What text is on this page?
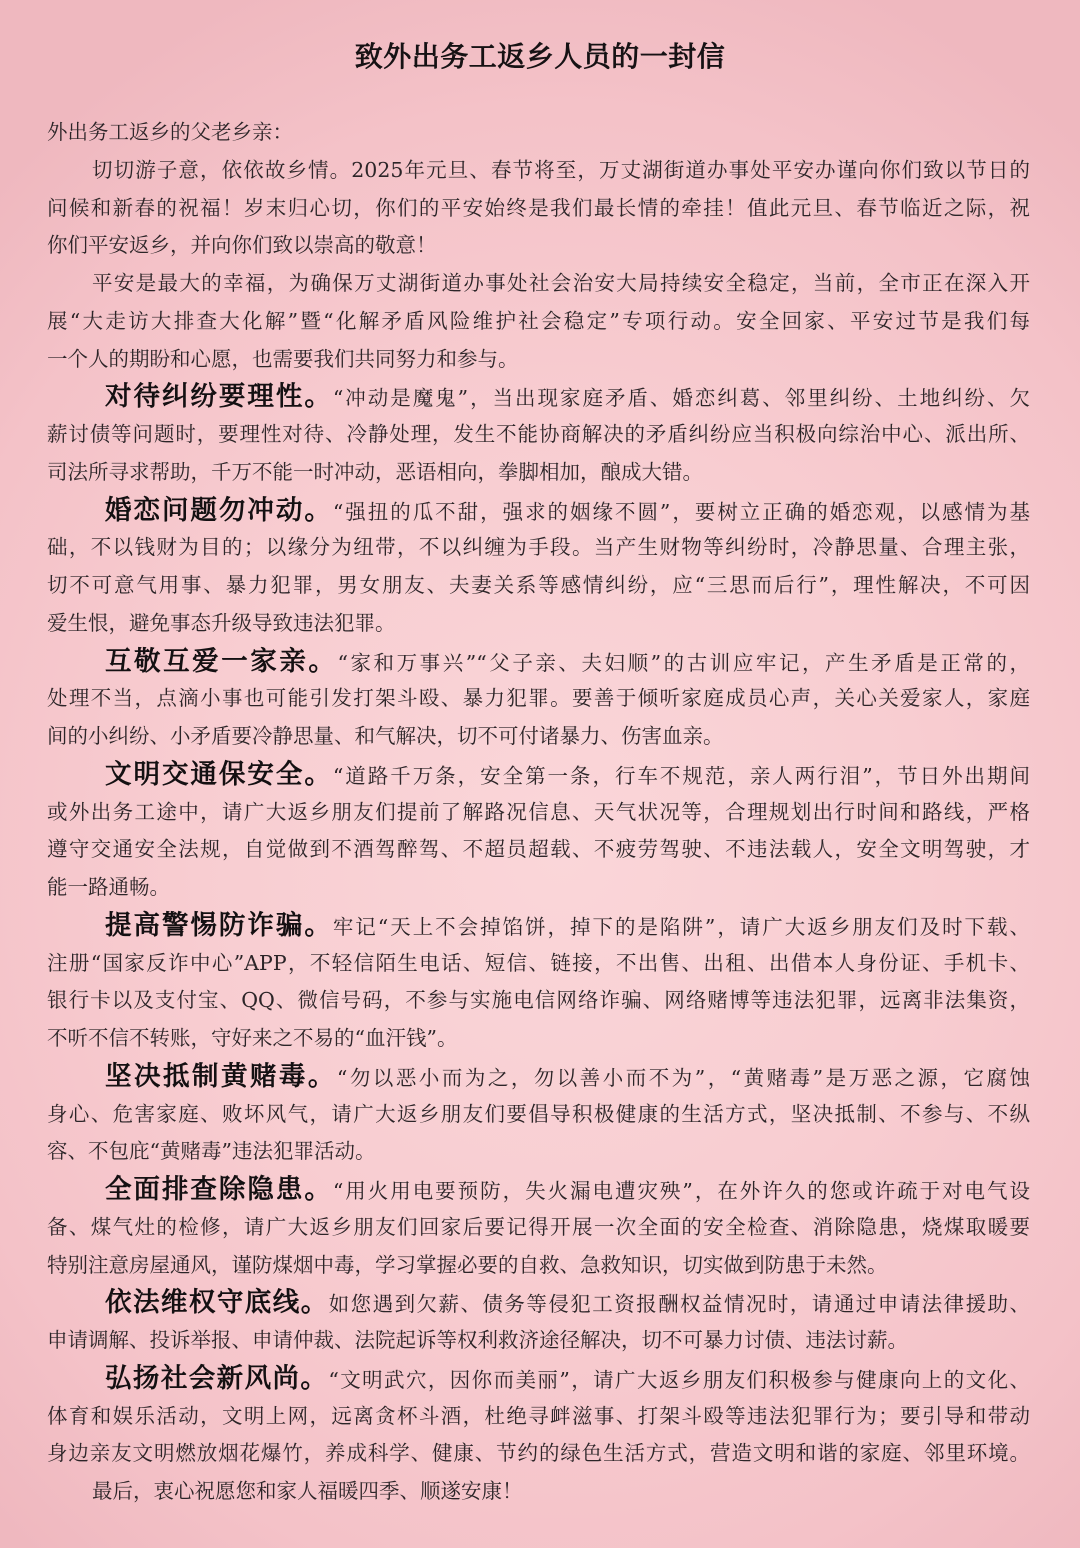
致外出务工返乡人员的一封信
外出务工返乡的父老乡亲：
切切游子意，依依故乡情。2025年元旦、春节将至，万丈湖街道办事处平安办谨向你们致以节日的
问候和新春的祝福！岁末归心切，你们的平安始终是我们最长情的牵挂！值此元旦、春节临近之际，祝
你们平安返乡，并向你们致以崇高的敬意！
平安是最大的幸福，为确保万丈湖街道办事处社会治安大局持续安全稳定，当前，全市正在深入开
展“大走访大排查大化解”暨“化解矛盾风险维护社会稳定”专项行动。安全回家、平安过节是我们每
一个人的期盼和心愿，也需要我们共同努力和参与。
对待纠纷要理性。“冲动是魔鬼”，当出现家庭矛盾、婚恋纠葛、邻里纠纷、土地纠纷、欠
薪讨债等问题时，要理性对待、冷静处理，发生不能协商解决的矛盾纠纷应当积极向综治中心、派出所、
司法所寻求帮助，千万不能一时冲动，恶语相向，拳脚相加，酿成大错。
婚恋问题勿冲动。“强扭的瓜不甜，强求的姻缘不圆”，要树立正确的婚恋观，以感情为基
础，不以钱财为目的；以缘分为纽带，不以纠缠为手段。当产生财物等纠纷时，冷静思量、合理主张，
切不可意气用事、暴力犯罪，男女朋友、夫妻关系等感情纠纷，应“三思而后行”，理性解决，不可因
爱生恨，避免事态升级导致违法犯罪。
互敬互爱一家亲。“家和万事兴”“父子亲、夫妇顺”的古训应牢记，产生矛盾是正常的，
处理不当，点滴小事也可能引发打架斗殴、暴力犯罪。要善于倾听家庭成员心声，关心关爱家人，家庭
间的小纠纷、小矛盾要冷静思量、和气解决，切不可付诸暴力、伤害血亲。
文明交通保安全。“道路千万条，安全第一条，行车不规范，亲人两行泪”，节日外出期间
或外出务工途中，请广大返乡朋友们提前了解路况信息、天气状况等，合理规划出行时间和路线，严格
遵守交通安全法规，自觉做到不酒驾醉驾、不超员超载、不疲劳驾驶、不违法载人，安全文明驾驶，才
能一路通畅。
提高警惕防诈骗。牢记“天上不会掉馅饼，掉下的是陷阱”，请广大返乡朋友们及时下载、
注册“国家反诈中心”APP，不轻信陌生电话、短信、链接，不出售、出租、出借本人身份证、手机卡、
银行卡以及支付宝、QQ、微信号码，不参与实施电信网络诈骗、网络赌博等违法犯罪，远离非法集资，
不听不信不转账，守好来之不易的“血汗钱”。
坚决抵制黄赌毒。“勿以恶小而为之，勿以善小而不为”，“黄赌毒”是万恶之源，它腐蚀
身心、危害家庭、败坏风气，请广大返乡朋友们要倡导积极健康的生活方式，坚决抵制、不参与、不纵
容、不包庇“黄赌毒”违法犯罪活动。
全面排查除隐患。“用火用电要预防，失火漏电遭灾殃”，在外许久的您或许疏于对电气设
备、煤气灶的检修，请广大返乡朋友们回家后要记得开展一次全面的安全检查、消除隐患，烧煤取暖要
特别注意房屋通风，谨防煤烟中毒，学习掌握必要的自救、急救知识，切实做到防患于未然。
依法维权守底线。如您遇到欠薪、债务等侵犯工资报酬权益情况时，请通过申请法律援助、
申请调解、投诉举报、申请仲裁、法院起诉等权利救济途径解决，切不可暴力讨债、违法讨薪。
弘扬社会新风尚。“文明武穴，因你而美丽”，请广大返乡朋友们积极参与健康向上的文化、
体育和娱乐活动，文明上网，远离贪杯斗酒，杜绝寻衅滋事、打架斗殴等违法犯罪行为；要引导和带动
身边亲友文明燃放烟花爆竹，养成科学、健康、节约的绿色生活方式，营造文明和谐的家庭、邻里环境。
最后，衷心祝愿您和家人福暖四季、顺遂安康！
